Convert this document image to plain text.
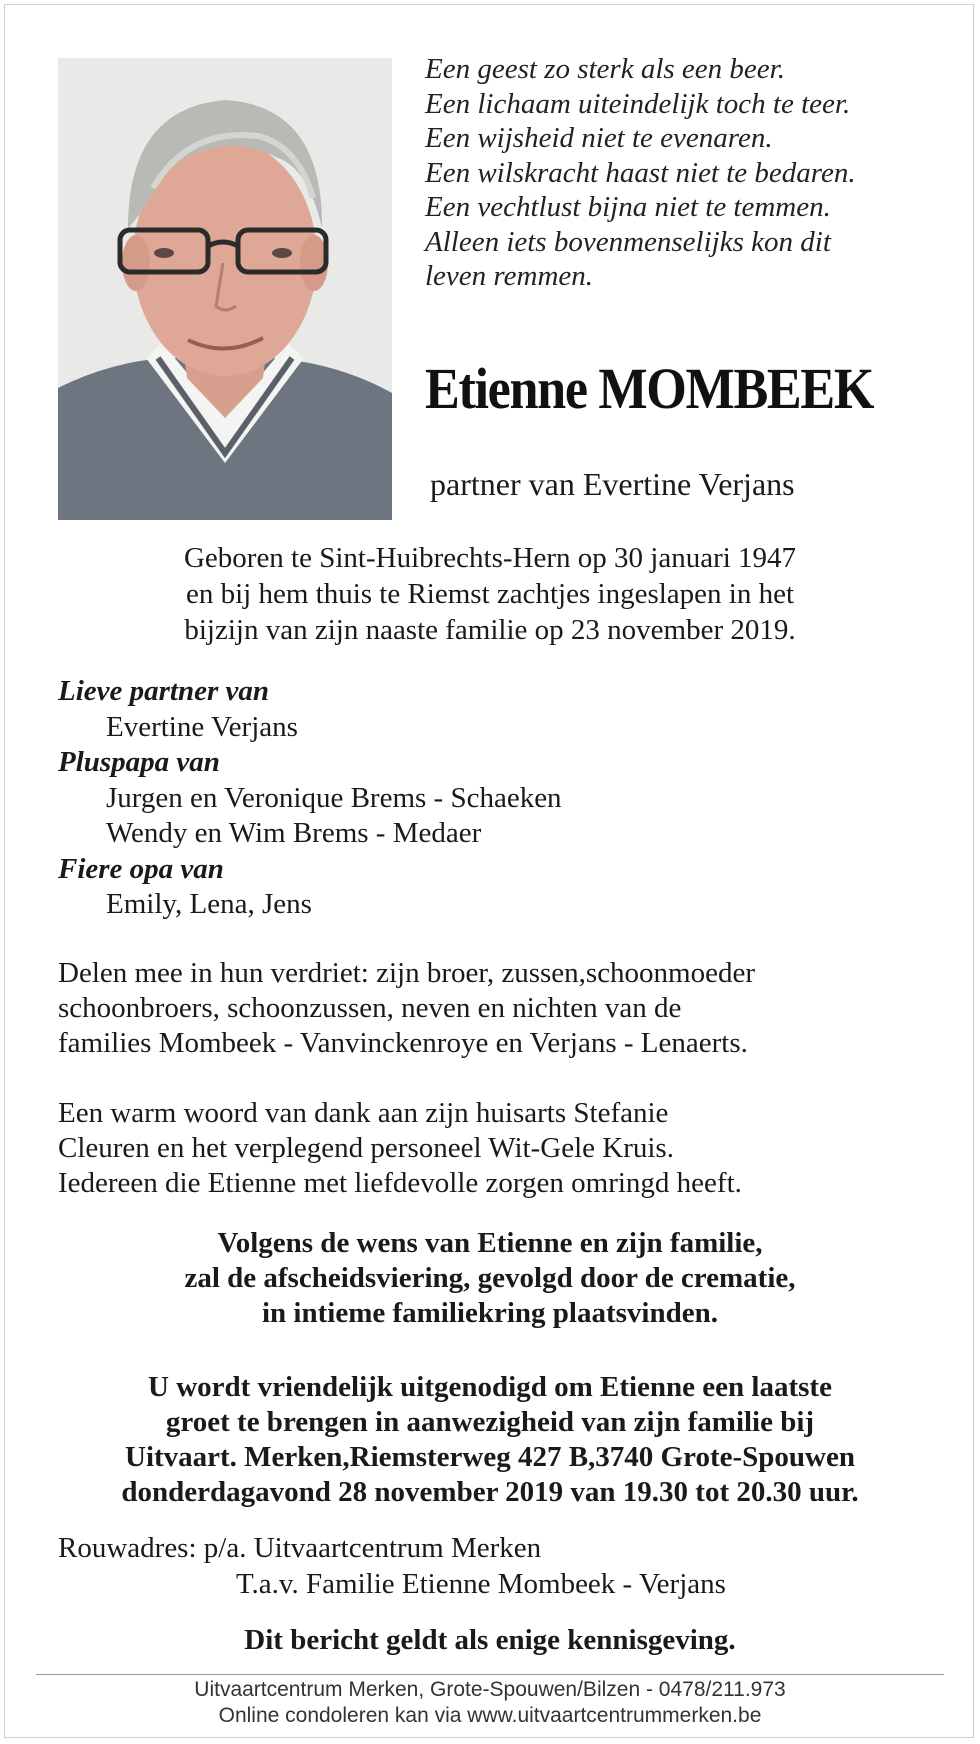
Een geest zo sterk als een beer.
Een lichaam uiteindelijk toch te teer.
Een wijsheid niet te evenaren.
Een wilskracht haast niet te bedaren.
Een vechtlust bijna niet te temmen.
Alleen iets bovenmenselijks kon dit
leven remmen.
Etienne MOMBEEK
partner van Evertine Verjans
Geboren te Sint-Huibrechts-Hern op 30 januari 1947
en bij hem thuis te Riemst zachtjes ingeslapen in het
bijzijn van zijn naaste familie op 23 november 2019.
Lieve partner van
Evertine Verjans
Pluspapa van
Jurgen en Veronique Brems - Schaeken
Wendy en Wim Brems - Medaer
Fiere opa van
Emily, Lena, Jens
Delen mee in hun verdriet: zijn broer, zussen,schoonmoeder
schoonbroers, schoonzussen, neven en nichten van de
families Mombeek - Vanvinckenroye en Verjans - Lenaerts.
Een warm woord van dank aan zijn huisarts Stefanie
Cleuren en het verplegend personeel Wit-Gele Kruis.
Iedereen die Etienne met liefdevolle zorgen omringd heeft.
Volgens de wens van Etienne en zijn familie,
zal de afscheidsviering, gevolgd door de crematie,
in intieme familiekring plaatsvinden.
U wordt vriendelijk uitgenodigd om Etienne een laatste
groet te brengen in aanwezigheid van zijn familie bij
Uitvaart. Merken,Riemsterweg 427 B,3740 Grote-Spouwen
donderdagavond 28 november 2019 van 19.30 tot 20.30 uur.
Rouwadres: p/a. Uitvaartcentrum Merken
T.a.v. Familie Etienne Mombeek - Verjans
Dit bericht geldt als enige kennisgeving.
Uitvaartcentrum Merken, Grote-Spouwen/Bilzen - 0478/211.973
Online condoleren kan via www.uitvaartcentrummerken.be
